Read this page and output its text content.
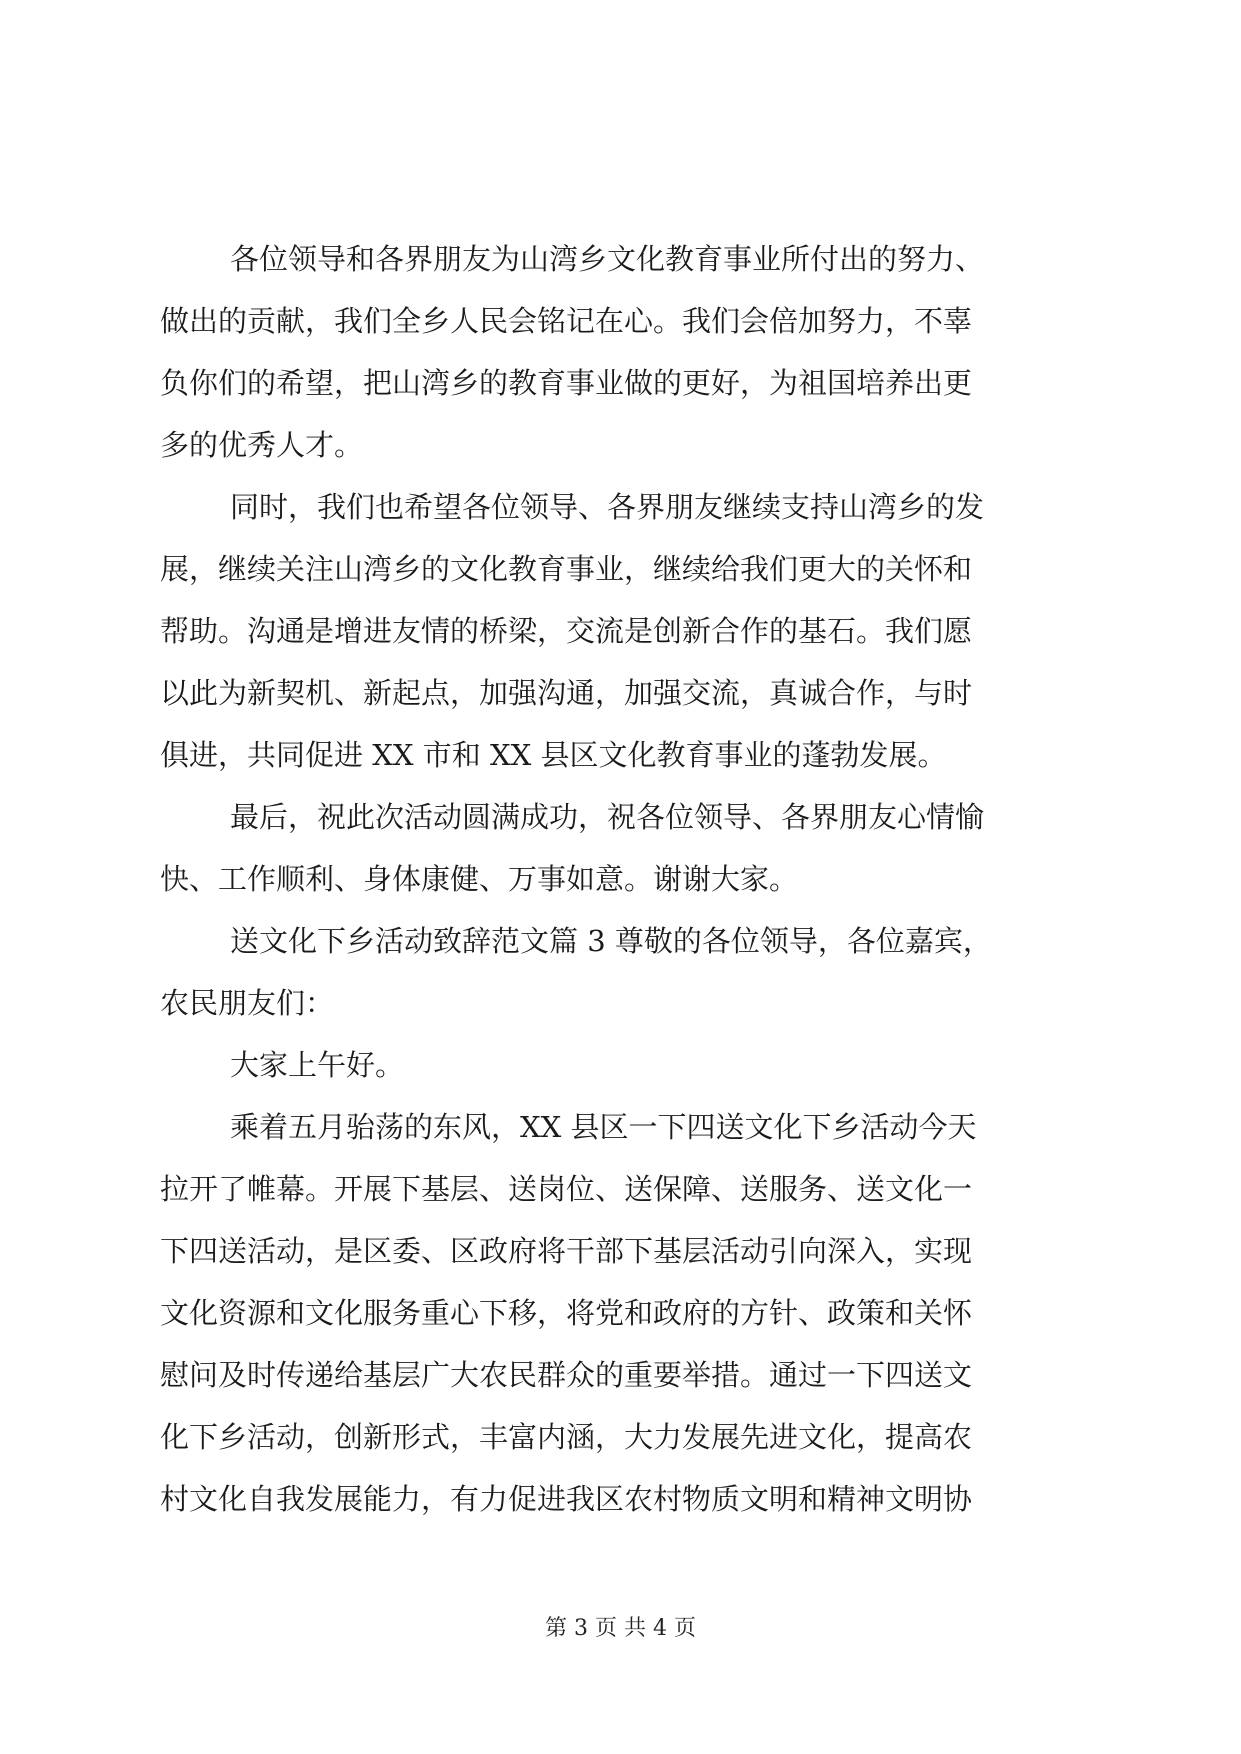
各位领导和各界朋友为山湾乡文化教育事业所付出的努力、
做出的贡献，我们全乡人民会铭记在心。我们会倍加努力，不辜
负你们的希望，把山湾乡的教育事业做的更好，为祖国培养出更
多的优秀人才。
同时，我们也希望各位领导、各界朋友继续支持山湾乡的发
展，继续关注山湾乡的文化教育事业，继续给我们更大的关怀和
帮助。沟通是增进友情的桥梁，交流是创新合作的基石。我们愿
以此为新契机、新起点，加强沟通，加强交流，真诚合作，与时
俱进，共同促进 XX 市和 XX 县区文化教育事业的蓬勃发展。
最后，祝此次活动圆满成功，祝各位领导、各界朋友心情愉
快、工作顺利、身体康健、万事如意。谢谢大家。
送文化下乡活动致辞范文篇 3 尊敬的各位领导，各位嘉宾，
农民朋友们：
大家上午好。
乘着五月骀荡的东风，XX 县区一下四送文化下乡活动今天
拉开了帷幕。开展下基层、送岗位、送保障、送服务、送文化一
下四送活动，是区委、区政府将干部下基层活动引向深入，实现
文化资源和文化服务重心下移，将党和政府的方针、政策和关怀
慰问及时传递给基层广大农民群众的重要举措。通过一下四送文
化下乡活动，创新形式，丰富内涵，大力发展先进文化，提高农
村文化自我发展能力，有力促进我区农村物质文明和精神文明协
第 3 页 共 4 页
